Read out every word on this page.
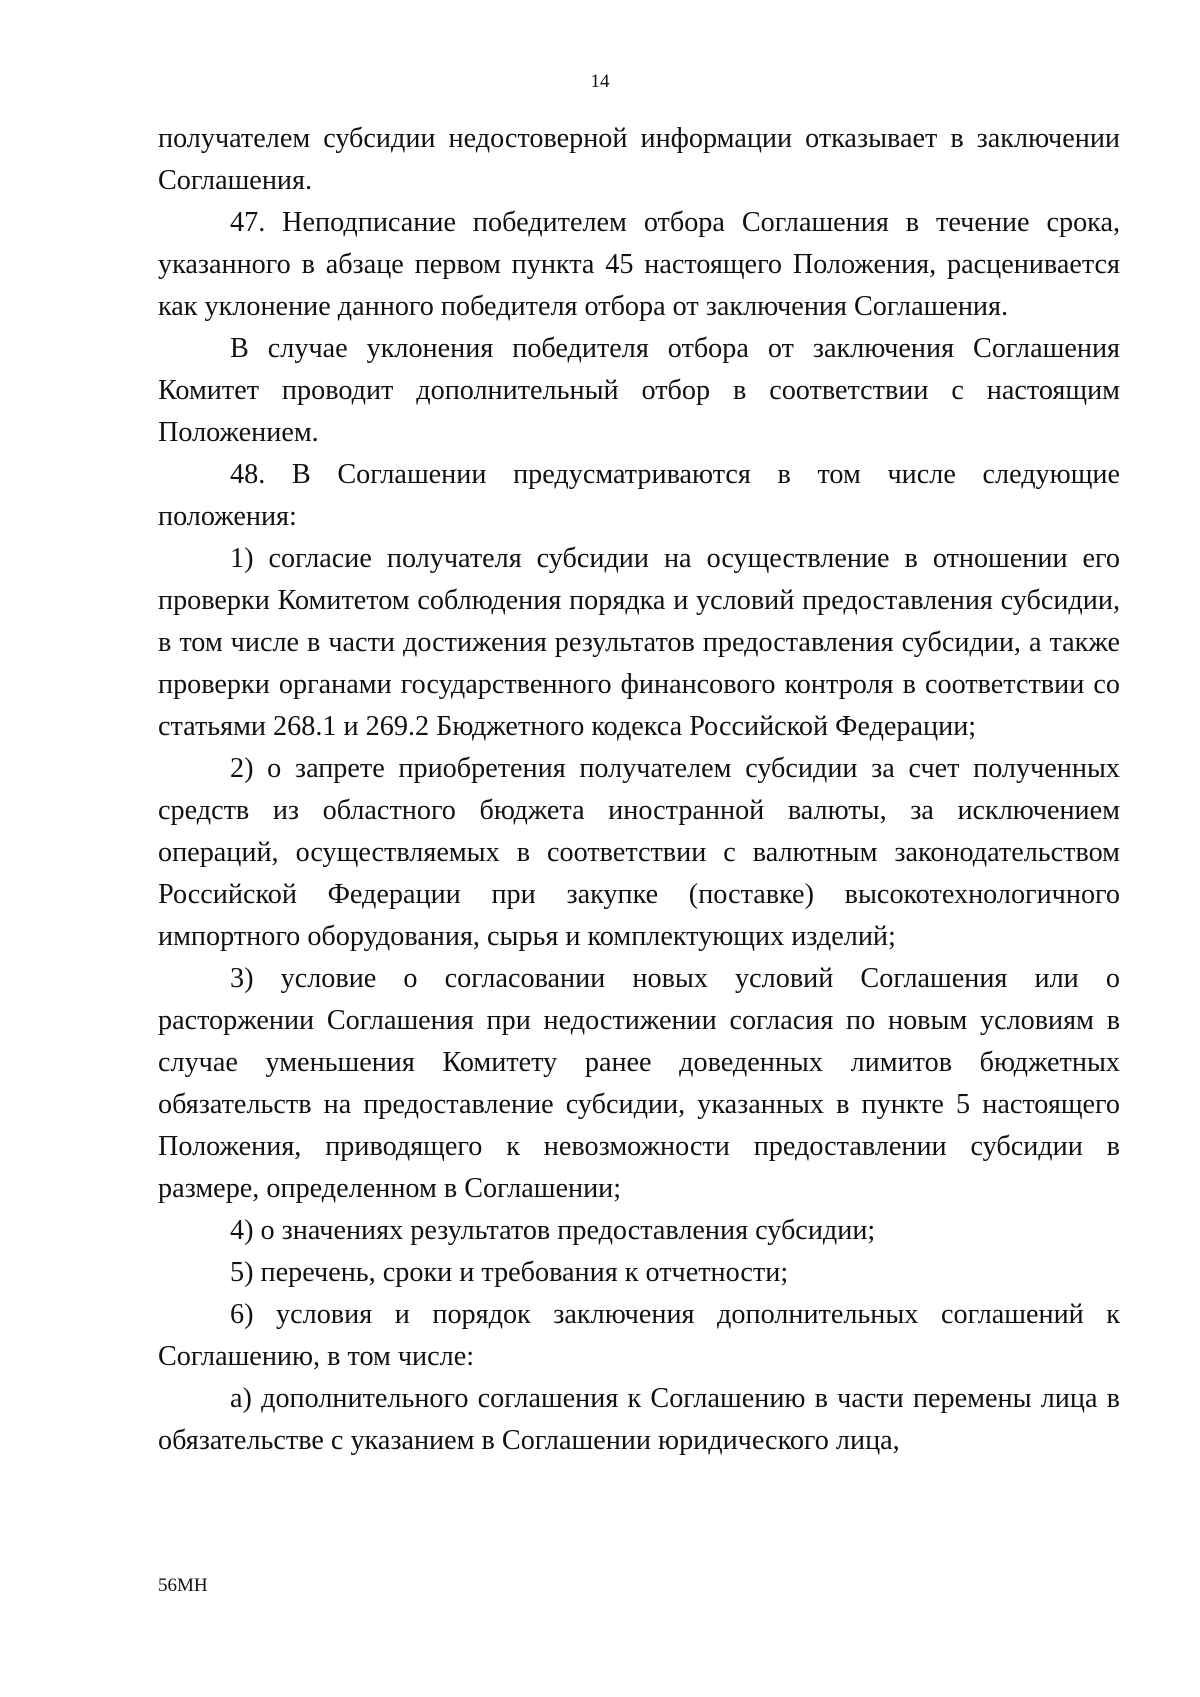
14

получателем субсидии недостоверной информации отказывает в заключении Соглашения.

47. Неподписание победителем отбора Соглашения в течение срока, указанного в абзаце первом пункта 45 настоящего Положения, расценивается как уклонение данного победителя отбора от заключения Соглашения.

В случае уклонения победителя отбора от заключения Соглашения Комитет проводит дополнительный отбор в соответствии с настоящим Положением.

48. В Соглашении предусматриваются в том числе следующие положения:

1) согласие получателя субсидии на осуществление в отношении его проверки Комитетом соблюдения порядка и условий предоставления субсидии, в том числе в части достижения результатов предоставления субсидии, а также проверки органами государственного финансового контроля в соответствии со статьями 268.1 и 269.2 Бюджетного кодекса Российской Федерации;

2) о запрете приобретения получателем субсидии за счет полученных средств из областного бюджета иностранной валюты, за исключением операций, осуществляемых в соответствии с валютным законодательством Российской Федерации при закупке (поставке) высокотехнологичного импортного оборудования, сырья и комплектующих изделий;

3) условие о согласовании новых условий Соглашения или о расторжении Соглашения при недостижении согласия по новым условиям в случае уменьшения Комитету ранее доведенных лимитов бюджетных обязательств на предоставление субсидии, указанных в пункте 5 настоящего Положения, приводящего к невозможности предоставлении субсидии в размере, определенном в Соглашении;

4) о значениях результатов предоставления субсидии;

5) перечень, сроки и требования к отчетности;

6) условия и порядок заключения дополнительных соглашений к Соглашению, в том числе:

а) дополнительного соглашения к Соглашению в части перемены лица в обязательстве с указанием в Соглашении юридического лица,

56МН
